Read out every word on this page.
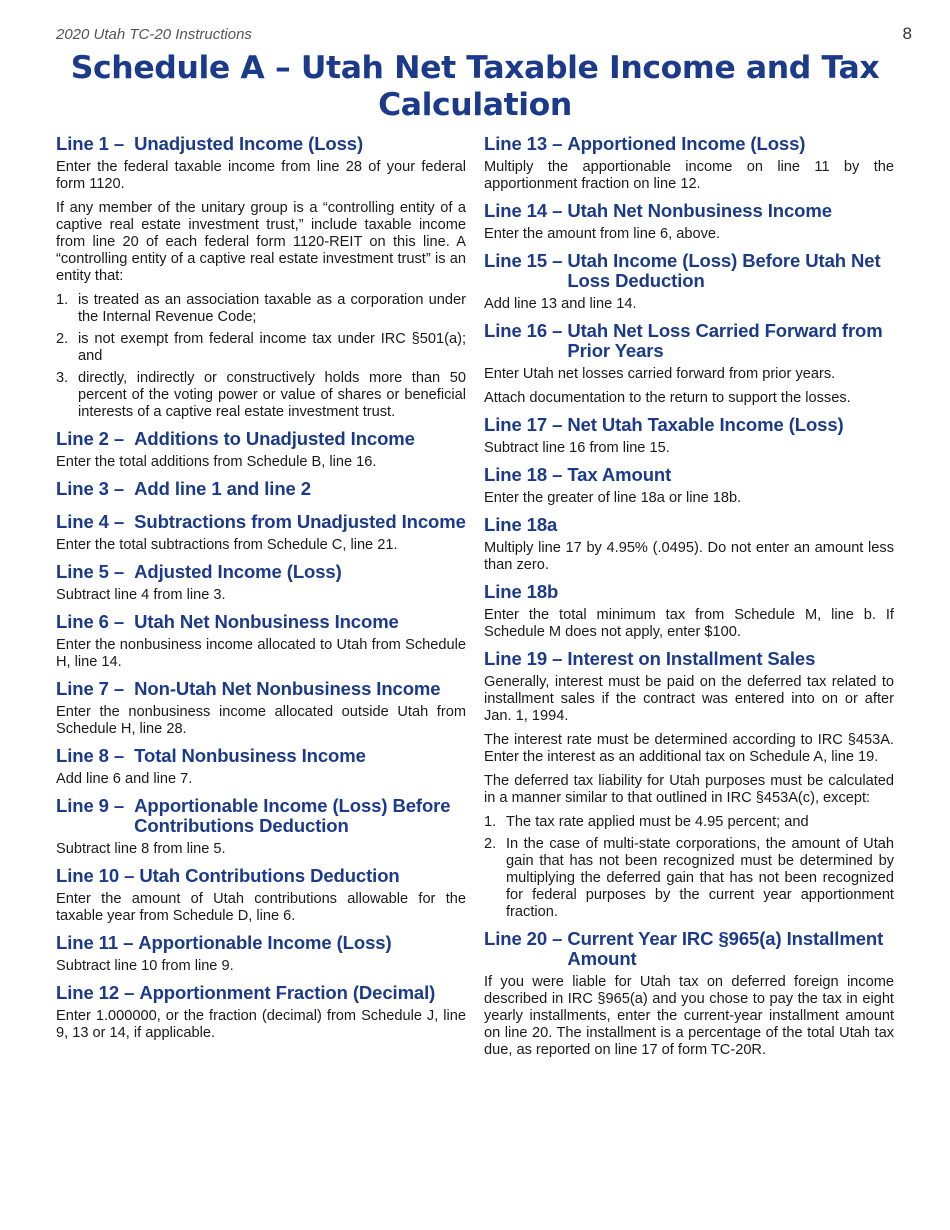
2020 Utah TC-20 Instructions	8
Schedule A – Utah Net Taxable Income and Tax
Calculation
Line 1 – Unadjusted Income (Loss)

Enter the federal taxable income from line 28 of your federal form 1120.

If any member of the unitary group is a “controlling entity of a captive real estate investment trust,” include taxable income from line 20 of each federal form 1120-REIT on this line. A “controlling entity of a captive real estate investment trust” is an entity that:

1. is treated as an association taxable as a corporation under the Internal Revenue Code;
2. is not exempt from federal income tax under IRC §501(a); and
3. directly, indirectly or constructively holds more than 50 percent of the voting power or value of shares or beneficial interests of a captive real estate investment trust.
Line 2 – Additions to Unadjusted Income

Enter the total additions from Schedule B, line 16.

Line 3 – Add line 1 and line 2
Line 4 – Subtractions from Unadjusted Income

Enter the total subtractions from Schedule C, line 21.

Line 5 – Adjusted Income (Loss)

Subtract line 4 from line 3.

Line 6 – Utah Net Nonbusiness Income

Enter the nonbusiness income allocated to Utah from Schedule H, line 14.

Line 7 – Non-Utah Net Nonbusiness Income

Enter the nonbusiness income allocated outside Utah from Schedule H, line 28.

Line 8 – Total Nonbusiness Income

Add line 6 and line 7.

Line 9 – Apportionable Income (Loss) Before Contributions Deduction

Subtract line 8 from line 5.

Line 10 – Utah Contributions Deduction

Enter the amount of Utah contributions allowable for the taxable year from Schedule D, line 6.

Line 11 – Apportionable Income (Loss)

Subtract line 10 from line 9.

Line 12 – Apportionment Fraction (Decimal)

Enter 1.000000, or the fraction (decimal) from Schedule J, line 9, 13 or 14, if applicable.

Line 13 – Apportioned Income (Loss)

Multiply the apportionable income on line 11 by the apportionment fraction on line 12.

Line 14 – Utah Net Nonbusiness Income

Enter the amount from line 6, above.

Line 15 – Utah Income (Loss) Before Utah Net Loss Deduction

Add line 13 and line 14.

Line 16 – Utah Net Loss Carried Forward from Prior Years

Enter Utah net losses carried forward from prior years.

Attach documentation to the return to support the losses.

Line 17 – Net Utah Taxable Income (Loss)

Subtract line 16 from line 15.

Line 18 – Tax Amount

Enter the greater of line 18a or line 18b.

Line 18a

Multiply line 17 by 4.95% (.0495). Do not enter an amount less than zero.

Line 18b

Enter the total minimum tax from Schedule M, line b. If Schedule M does not apply, enter $100.

Line 19 – Interest on Installment Sales

Generally, interest must be paid on the deferred tax related to installment sales if the contract was entered into on or after Jan. 1, 1994.

The interest rate must be determined according to IRC §453A. Enter the interest as an additional tax on Schedule A, line 19.

The deferred tax liability for Utah purposes must be calculated in a manner similar to that outlined in IRC §453A(c), except:

1. The tax rate applied must be 4.95 percent; and
2. In the case of multi-state corporations, the amount of Utah gain that has not been recognized must be determined by multiplying the deferred gain that has not been recognized for federal purposes by the current year apportionment fraction.
Line 20 – Current Year IRC §965(a) Installment Amount

If you were liable for Utah tax on deferred foreign income described in IRC §965(a) and you chose to pay the tax in eight yearly installments, enter the current-year installment amount on line 20. The installment is a percentage of the total Utah tax due, as reported on line 17 of form TC-20R.
